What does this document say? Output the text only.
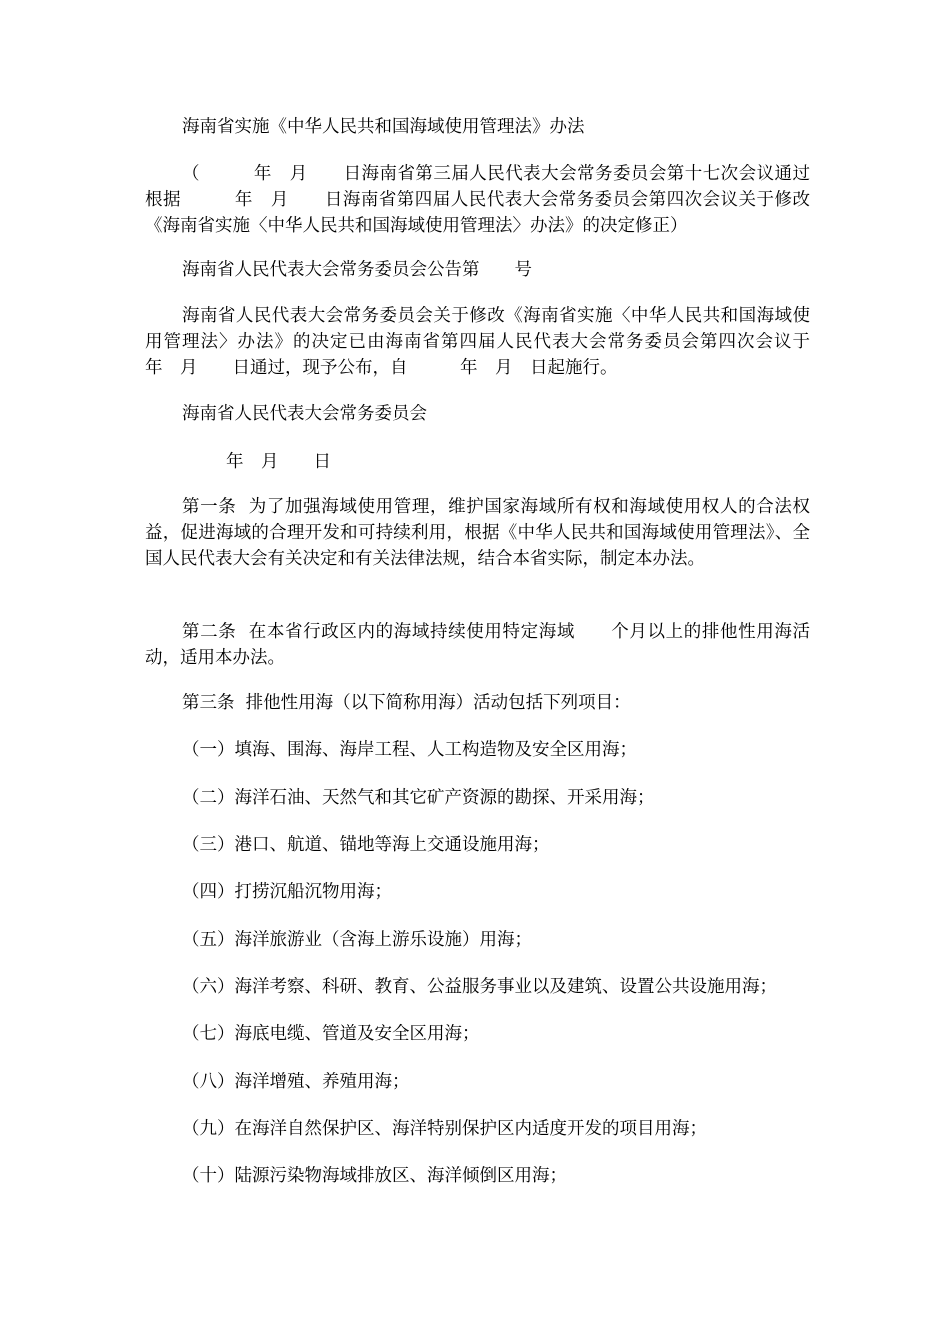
海南省实施《中华人民共和国海域使用管理法》办法

（　　　年　月　　日海南省第三届人民代表大会常务委员会第十七次会议通过　根据　　　年　月　　日海南省第四届人民代表大会常务委员会第四次会议关于修改《海南省实施〈中华人民共和国海域使用管理法〉办法》的决定修正）

海南省人民代表大会常务委员会公告第　　号

海南省人民代表大会常务委员会关于修改《海南省实施〈中华人民共和国海域使用管理法〉办法》的决定已由海南省第四届人民代表大会常务委员会第四次会议于　　　年　月　　日通过，现予公布，自　　　年　月　日起施行。

海南省人民代表大会常务委员会

年　月　　日

第一条  为了加强海域使用管理，维护国家海域所有权和海域使用权人的合法权益，促进海域的合理开发和可持续利用，根据《中华人民共和国海域使用管理法》、全国人民代表大会有关决定和有关法律法规，结合本省实际，制定本办法。

第二条  在本省行政区内的海域持续使用特定海域　　个月以上的排他性用海活动，适用本办法。

第三条  排他性用海（以下简称用海）活动包括下列项目：

（一）填海、围海、海岸工程、人工构造物及安全区用海；

（二）海洋石油、天然气和其它矿产资源的勘探、开采用海；

（三）港口、航道、锚地等海上交通设施用海；

（四）打捞沉船沉物用海；

（五）海洋旅游业（含海上游乐设施）用海；

（六）海洋考察、科研、教育、公益服务事业以及建筑、设置公共设施用海；

（七）海底电缆、管道及安全区用海；

（八）海洋增殖、养殖用海；

（九）在海洋自然保护区、海洋特别保护区内适度开发的项目用海；

（十）陆源污染物海域排放区、海洋倾倒区用海；
